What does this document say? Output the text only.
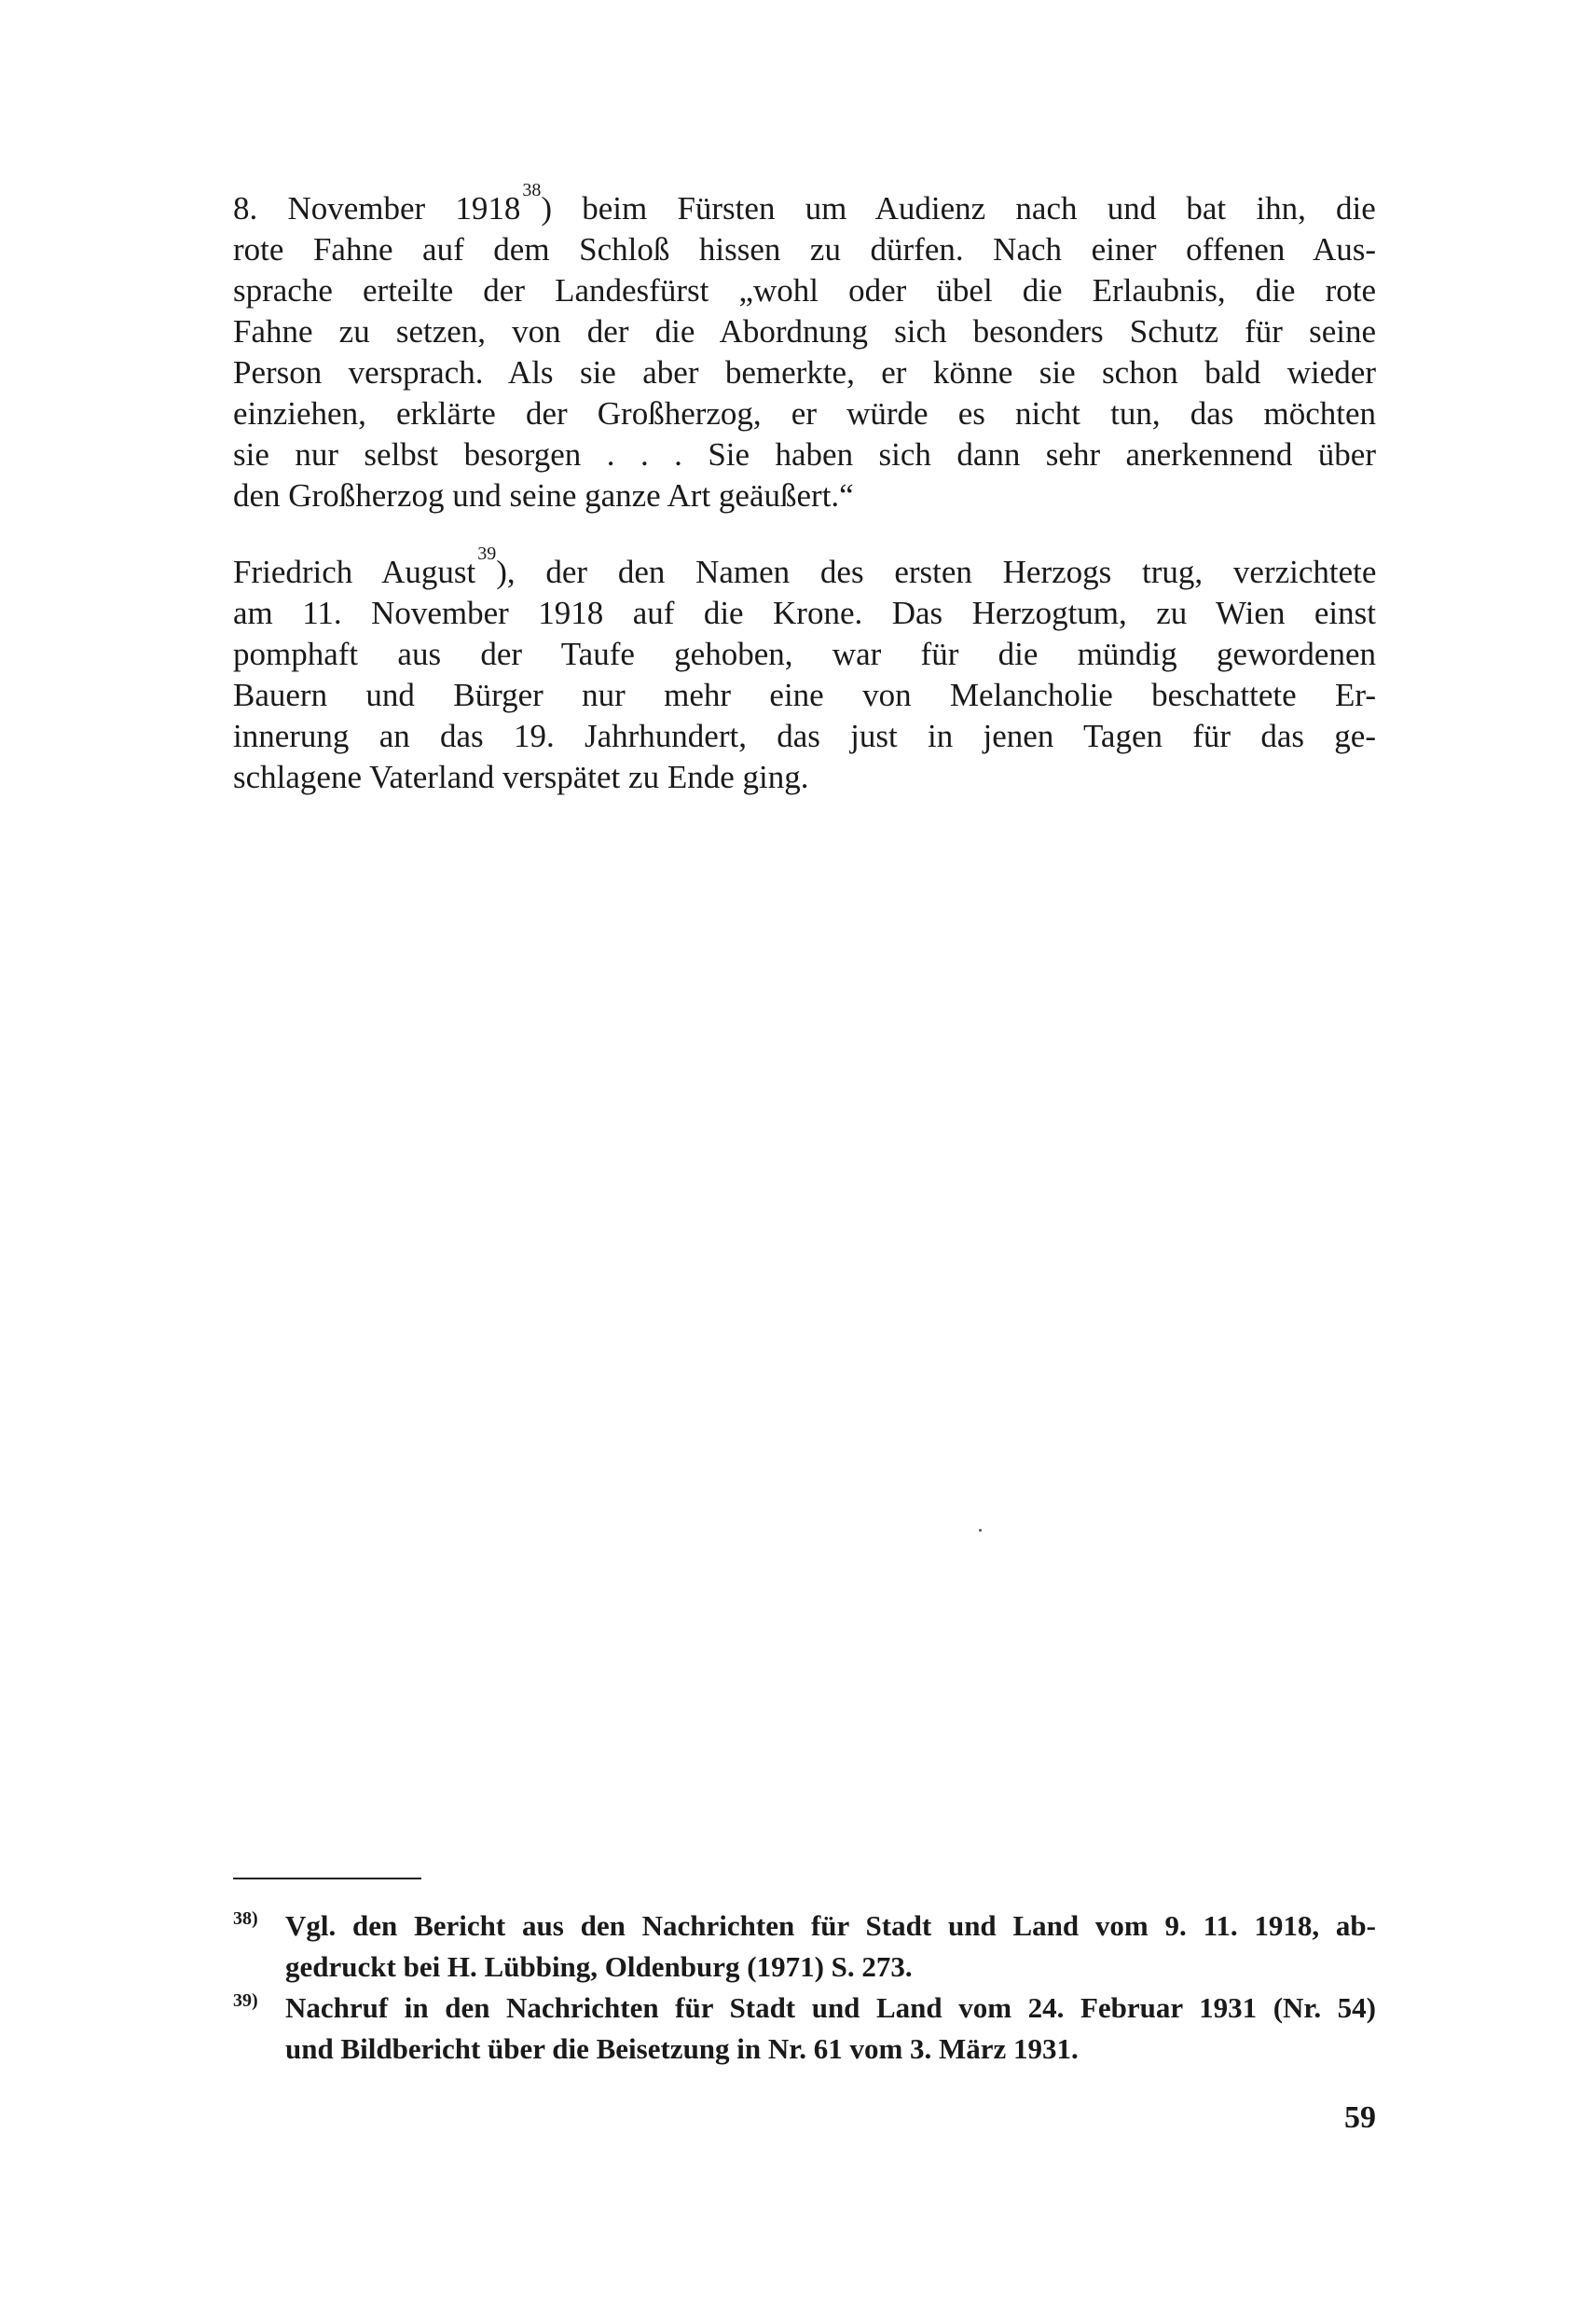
8. November 1918 $^{38}$) beim Fürsten um Audienz nach und bat ihn, die
rote Fahne auf dem Schloß hissen zu dürfen. Nach einer offenen Aus-
sprache erteilte der Landesfürst „wohl oder übel die Erlaubnis, die rote
Fahne zu setzen, von der die Abordnung sich besonders Schutz für seine
Person versprach. Als sie aber bemerkte, er könne sie schon bald wieder
einziehen, erklärte der Großherzog, er würde es nicht tun, das möchten
sie nur selbst besorgen . . . Sie haben sich dann sehr anerkennend über
den Großherzog und seine ganze Art geäußert.“
Friedrich August $^{39}$), der den Namen des ersten Herzogs trug, verzichtete
am 11. November 1918 auf die Krone. Das Herzogtum, zu Wien einst
pomphaft aus der Taufe gehoben, war für die mündig gewordenen
Bauern und Bürger nur mehr eine von Melancholie beschattete Er-
innerung an das 19. Jahrhundert, das just in jenen Tagen für das ge-
schlagene Vaterland verspätet zu Ende ging.
38) Vgl. den Bericht aus den Nachrichten für Stadt und Land vom 9. 11. 1918, ab-
gedruckt bei H. Lübbing, Oldenburg (1971) S. 273.
39) Nachruf in den Nachrichten für Stadt und Land vom 24. Februar 1931 (Nr. 54)
und Bildbericht über die Beisetzung in Nr. 61 vom 3. März 1931.
59
